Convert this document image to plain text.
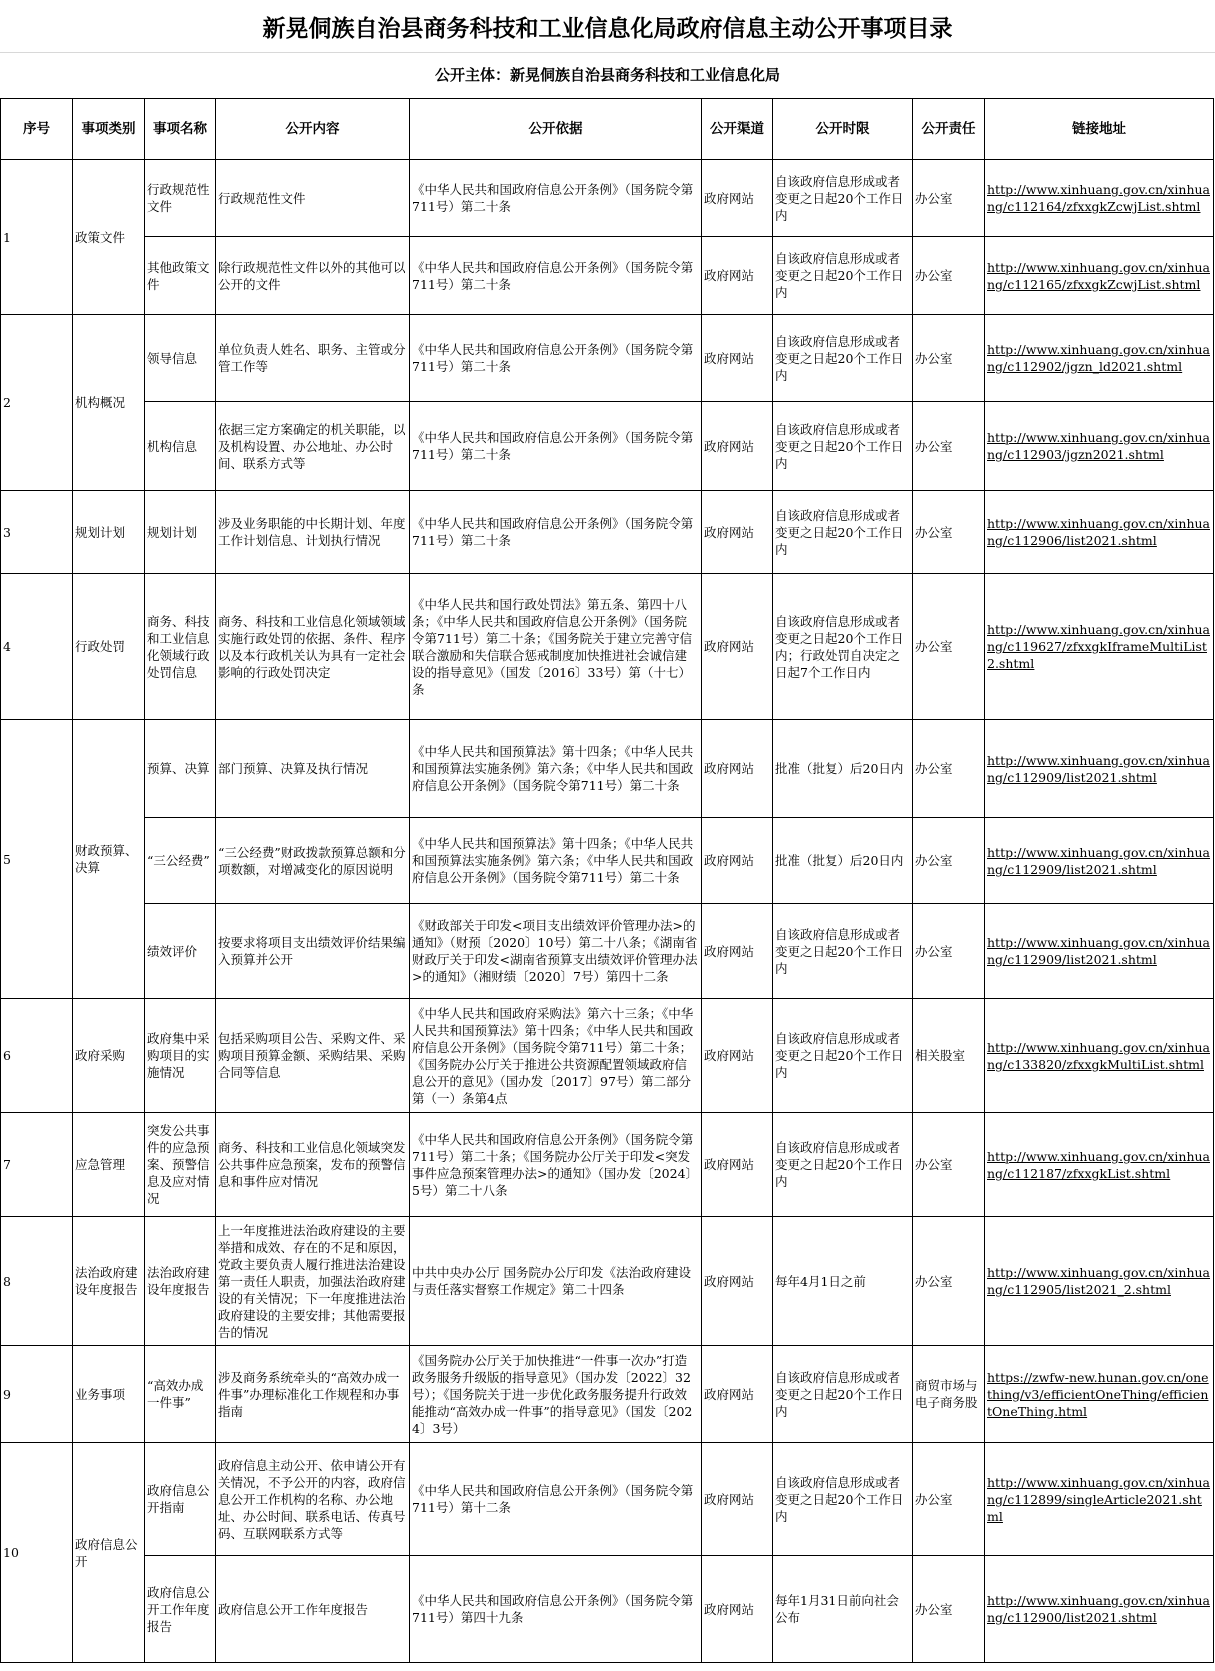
新晃侗族自治县商务科技和工业信息化局政府信息主动公开事项目录
公开主体：新晃侗族自治县商务科技和工业信息化局
序号	事项类别	事项名称	公开内容	公开依据	公开渠道	公开时限	公开责任	链接地址
1	政策文件	行政规范性文件	行政规范性文件	《中华人民共和国政府信息公开条例》（国务院令第711号）第二十条	政府网站	自该政府信息形成或者变更之日起20个工作日内	办公室	http://www.xinhuang.gov.cn/xinhuang/c112164/zfxxgkZcwjList.shtml
		其他政策文件	除行政规范性文件以外的其他可以公开的文件	《中华人民共和国政府信息公开条例》（国务院令第711号）第二十条	政府网站	自该政府信息形成或者变更之日起20个工作日内	办公室	http://www.xinhuang.gov.cn/xinhuang/c112165/zfxxgkZcwjList.shtml
2	机构概况	领导信息	单位负责人姓名、职务、主管或分管工作等	《中华人民共和国政府信息公开条例》（国务院令第711号）第二十条	政府网站	自该政府信息形成或者变更之日起20个工作日内	办公室	http://www.xinhuang.gov.cn/xinhuang/c112902/jgzn_ld2021.shtml
		机构信息	依据三定方案确定的机关职能，以及机构设置、办公地址、办公时间、联系方式等	《中华人民共和国政府信息公开条例》（国务院令第711号）第二十条	政府网站	自该政府信息形成或者变更之日起20个工作日内	办公室	http://www.xinhuang.gov.cn/xinhuang/c112903/jgzn2021.shtml
3	规划计划	规划计划	涉及业务职能的中长期计划、年度工作计划信息、计划执行情况	《中华人民共和国政府信息公开条例》（国务院令第711号）第二十条	政府网站	自该政府信息形成或者变更之日起20个工作日内	办公室	http://www.xinhuang.gov.cn/xinhuang/c112906/list2021.shtml
4	行政处罚	商务、科技和工业信息化领域行政处罚信息	商务、科技和工业信息化领域领域实施行政处罚的依据、条件、程序以及本行政机关认为具有一定社会影响的行政处罚决定	《中华人民共和国行政处罚法》第五条、第四十八条；《中华人民共和国政府信息公开条例》（国务院令第711号）第二十条；《国务院关于建立完善守信联合激励和失信联合惩戒制度加快推进社会诚信建设的指导意见》（国发〔2016〕33号）第（十七）条	政府网站	自该政府信息形成或者变更之日起20个工作日内；行政处罚自决定之日起7个工作日内	办公室	http://www.xinhuang.gov.cn/xinhuang/c119627/zfxxgkIframeMultiList2.shtml
5	财政预算、决算	预算、决算	部门预算、决算及执行情况	《中华人民共和国预算法》第十四条；《中华人民共和国预算法实施条例》第六条；《中华人民共和国政府信息公开条例》（国务院令第711号）第二十条	政府网站	批准（批复）后20日内	办公室	http://www.xinhuang.gov.cn/xinhuang/c112909/list2021.shtml
		“三公经费”	“三公经费”财政拨款预算总额和分项数额，对增减变化的原因说明	《中华人民共和国预算法》第十四条；《中华人民共和国预算法实施条例》第六条；《中华人民共和国政府信息公开条例》（国务院令第711号）第二十条	政府网站	批准（批复）后20日内	办公室	http://www.xinhuang.gov.cn/xinhuang/c112909/list2021.shtml
		绩效评价	按要求将项目支出绩效评价结果编入预算并公开	《财政部关于印发<项目支出绩效评价管理办法>的通知》（财预〔2020〕10号）第二十八条；《湖南省财政厅关于印发<湖南省预算支出绩效评价管理办法>的通知》（湘财绩〔2020〕7号）第四十二条	政府网站	自该政府信息形成或者变更之日起20个工作日内	办公室	http://www.xinhuang.gov.cn/xinhuang/c112909/list2021.shtml
6	政府采购	政府集中采购项目的实施情况	包括采购项目公告、采购文件、采购项目预算金额、采购结果、采购合同等信息	《中华人民共和国政府采购法》第六十三条；《中华人民共和国预算法》第十四条；《中华人民共和国政府信息公开条例》（国务院令第711号）第二十条；《国务院办公厅关于推进公共资源配置领域政府信息公开的意见》（国办发〔2017〕97号）第二部分第（一）条第4点	政府网站	自该政府信息形成或者变更之日起20个工作日内	相关股室	http://www.xinhuang.gov.cn/xinhuang/c133820/zfxxgkMultiList.shtml
7	应急管理	突发公共事件的应急预案、预警信息及应对情况	商务、科技和工业信息化领域突发公共事件应急预案，发布的预警信息和事件应对情况	《中华人民共和国政府信息公开条例》（国务院令第711号）第二十条；《国务院办公厅关于印发<突发事件应急预案管理办法>的通知》（国办发〔2024〕5号）第二十八条	政府网站	自该政府信息形成或者变更之日起20个工作日内	办公室	http://www.xinhuang.gov.cn/xinhuang/c112187/zfxxgkList.shtml
8	法治政府建设年度报告	法治政府建设年度报告	上一年度推进法治政府建设的主要举措和成效、存在的不足和原因，党政主要负责人履行推进法治建设第一责任人职责，加强法治政府建设的有关情况；下一年度推进法治政府建设的主要安排；其他需要报告的情况	中共中央办公厅 国务院办公厅印发《法治政府建设与责任落实督察工作规定》第二十四条	政府网站	每年4月1日之前	办公室	http://www.xinhuang.gov.cn/xinhuang/c112905/list2021_2.shtml
9	业务事项	“高效办成一件事”	涉及商务系统牵头的“高效办成一件事”办理标准化工作规程和办事指南	《国务院办公厅关于加快推进“一件事一次办”打造政务服务升级版的指导意见》（国办发〔2022〕32号）；《国务院关于进一步优化政务服务提升行政效能推动“高效办成一件事”的指导意见》（国发〔2024〕3号）	政府网站	自该政府信息形成或者变更之日起20个工作日内	商贸市场与电子商务股	https://zwfw-new.hunan.gov.cn/onething/v3/efficientOneThing/efficientOneThing.html
10	政府信息公开	政府信息公开指南	政府信息主动公开、依申请公开有关情况，不予公开的内容，政府信息公开工作机构的名称、办公地址、办公时间、联系电话、传真号码、互联网联系方式等	《中华人民共和国政府信息公开条例》（国务院令第711号）第十二条	政府网站	自该政府信息形成或者变更之日起20个工作日内	办公室	http://www.xinhuang.gov.cn/xinhuang/c112899/singleArticle2021.shtml
		政府信息公开工作年度报告	政府信息公开工作年度报告	《中华人民共和国政府信息公开条例》（国务院令第711号）第四十九条	政府网站	每年1月31日前向社会公布	办公室	http://www.xinhuang.gov.cn/xinhuang/c112900/list2021.shtml
